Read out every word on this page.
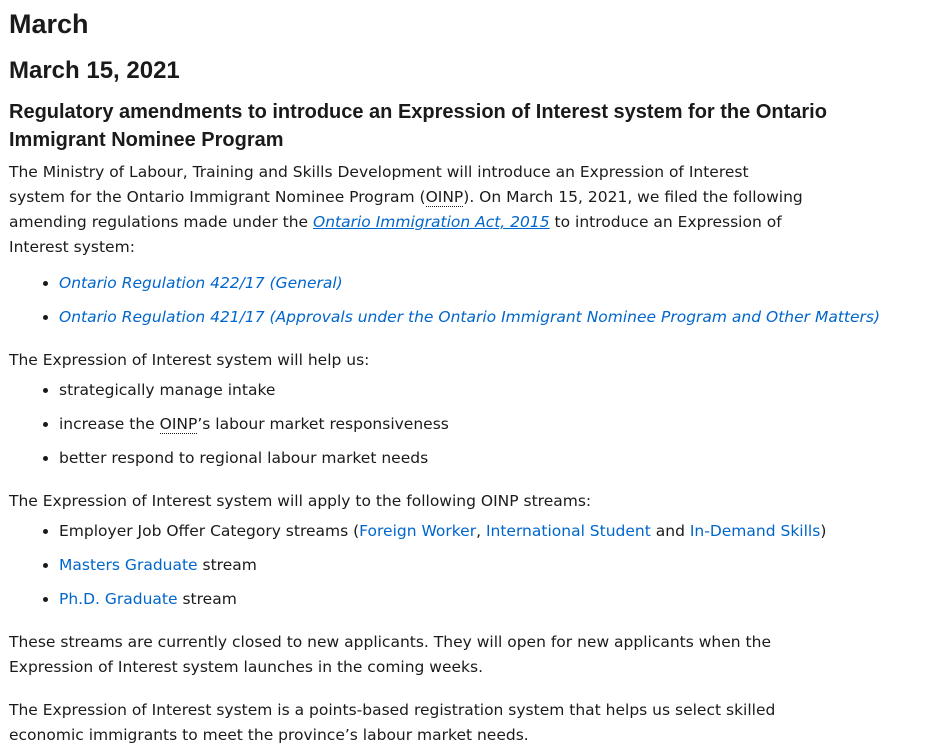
March
March 15, 2021
Regulatory amendments to introduce an Expression of Interest system for the Ontario Immigrant Nominee Program

The Ministry of Labour, Training and Skills Development will introduce an Expression of Interest system for the Ontario Immigrant Nominee Program (OINP). On March 15, 2021, we filed the following amending regulations made under the Ontario Immigration Act, 2015 to introduce an Expression of Interest system:

• Ontario Regulation 422/17 (General)
• Ontario Regulation 421/17 (Approvals under the Ontario Immigrant Nominee Program and Other Matters)

The Expression of Interest system will help us:

• strategically manage intake
• increase the OINP’s labour market responsiveness
• better respond to regional labour market needs

The Expression of Interest system will apply to the following OINP streams:

• Employer Job Offer Category streams (Foreign Worker, International Student and In-Demand Skills)
• Masters Graduate stream
• Ph.D. Graduate stream

These streams are currently closed to new applicants. They will open for new applicants when the Expression of Interest system launches in the coming weeks.

The Expression of Interest system is a points-based registration system that helps us select skilled economic immigrants to meet the province’s labour market needs.
